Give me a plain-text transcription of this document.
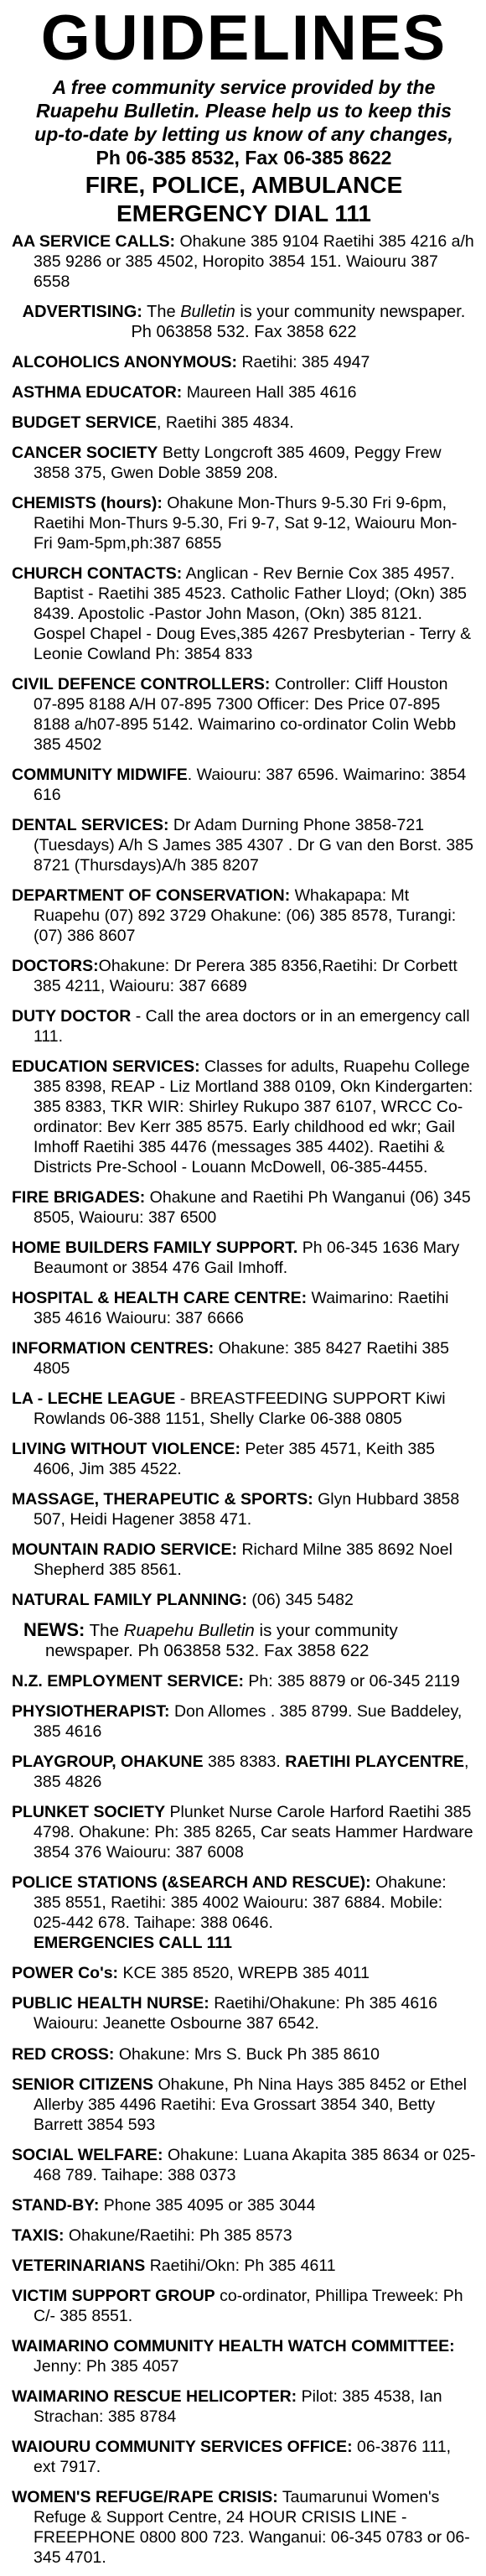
GUIDELINES
A free community service provided by the
Ruapehu Bulletin. Please help us to keep this
up-to-date by letting us know of any changes,
Ph 06-385 8532, Fax 06-385 8622
FIRE, POLICE, AMBULANCE
EMERGENCY DIAL 111

AA SERVICE CALLS: Ohakune 385 9104 Raetihi 385 4216 a/h 385 9286 or 385 4502, Horopito 3854 151. Waiouru 387 6558

ADVERTISING: The Bulletin is your community newspaper. Ph 063858 532. Fax 3858 622

ALCOHOLICS ANONYMOUS: Raetihi: 385 4947

ASTHMA EDUCATOR: Maureen Hall 385 4616

BUDGET SERVICE, Raetihi 385 4834.

CANCER SOCIETY Betty Longcroft 385 4609, Peggy Frew 3858 375, Gwen Doble 3859 208.

CHEMISTS (hours): Ohakune Mon-Thurs 9-5.30 Fri 9-6pm, Raetihi Mon-Thurs 9-5.30, Fri 9-7, Sat 9-12, Waiouru Mon-Fri 9am-5pm,ph:387 6855

CHURCH CONTACTS: Anglican - Rev Bernie Cox 385 4957. Baptist - Raetihi 385 4523. Catholic Father Lloyd; (Okn) 385 8439. Apostolic -Pastor John Mason, (Okn) 385 8121. Gospel Chapel - Doug Eves,385 4267 Presbyterian - Terry & Leonie Cowland Ph: 3854 833

CIVIL DEFENCE CONTROLLERS: Controller: Cliff Houston 07-895 8188 A/H 07-895 7300 Officer: Des Price 07-895 8188 a/h07-895 5142. Waimarino co-ordinator Colin Webb 385 4502

COMMUNITY MIDWIFE. Waiouru: 387 6596. Waimarino: 3854 616

DENTAL SERVICES: Dr Adam Durning Phone 3858-721 (Tuesdays) A/h S James 385 4307 . Dr G van den Borst. 385 8721 (Thursdays)A/h 385 8207

DEPARTMENT OF CONSERVATION: Whakapapa: Mt Ruapehu (07) 892 3729 Ohakune: (06) 385 8578, Turangi: (07) 386 8607

DOCTORS:Ohakune: Dr Perera 385 8356,Raetihi: Dr Corbett 385 4211, Waiouru: 387 6689

DUTY DOCTOR - Call the area doctors or in an emergency call 111.

EDUCATION SERVICES: Classes for adults, Ruapehu College 385 8398, REAP - Liz Mortland 388 0109, Okn Kindergarten: 385 8383, TKR WIR: Shirley Rukupo 387 6107, WRCC Co-ordinator: Bev Kerr 385 8575. Early childhood ed wkr; Gail Imhoff Raetihi 385 4476 (messages 385 4402). Raetihi & Districts Pre-School - Louann McDowell, 06-385-4455.

FIRE BRIGADES: Ohakune and Raetihi Ph Wanganui (06) 345 8505, Waiouru: 387 6500

HOME BUILDERS FAMILY SUPPORT. Ph 06-345 1636 Mary Beaumont or 3854 476 Gail Imhoff.

HOSPITAL & HEALTH CARE CENTRE: Waimarino: Raetihi 385 4616 Waiouru: 387 6666

INFORMATION CENTRES: Ohakune: 385 8427 Raetihi 385 4805

LA - LECHE LEAGUE - BREASTFEEDING SUPPORT Kiwi Rowlands 06-388 1151, Shelly Clarke 06-388 0805

LIVING WITHOUT VIOLENCE: Peter 385 4571, Keith 385 4606, Jim 385 4522.

MASSAGE, THERAPEUTIC & SPORTS: Glyn Hubbard 3858 507, Heidi Hagener 3858 471.

MOUNTAIN RADIO SERVICE: Richard Milne 385 8692 Noel Shepherd 385 8561.

NATURAL FAMILY PLANNING: (06) 345 5482

NEWS: The Ruapehu Bulletin is your community newspaper. Ph 063858 532. Fax 3858 622

N.Z. EMPLOYMENT SERVICE: Ph: 385 8879 or 06-345 2119

PHYSIOTHERAPIST: Don Allomes . 385 8799. Sue Baddeley, 385 4616

PLAYGROUP, OHAKUNE 385 8383. RAETIHI PLAYCENTRE, 385 4826

PLUNKET SOCIETY Plunket Nurse Carole Harford Raetihi 385 4798. Ohakune: Ph: 385 8265, Car seats Hammer Hardware 3854 376 Waiouru: 387 6008

POLICE STATIONS (&SEARCH AND RESCUE): Ohakune: 385 8551, Raetihi: 385 4002 Waiouru: 387 6884. Mobile: 025-442 678. Taihape: 388 0646.
EMERGENCIES CALL 111

POWER Co's: KCE 385 8520, WREPB 385 4011

PUBLIC HEALTH NURSE: Raetihi/Ohakune: Ph 385 4616 Waiouru: Jeanette Osbourne 387 6542.

RED CROSS: Ohakune: Mrs S. Buck Ph 385 8610

SENIOR CITIZENS Ohakune, Ph Nina Hays 385 8452 or Ethel Allerby 385 4496 Raetihi: Eva Grossart 3854 340, Betty Barrett 3854 593

SOCIAL WELFARE: Ohakune: Luana Akapita 385 8634 or 025-468 789. Taihape: 388 0373

STAND-BY: Phone 385 4095 or 385 3044

TAXIS: Ohakune/Raetihi: Ph 385 8573

VETERINARIANS Raetihi/Okn: Ph 385 4611

VICTIM SUPPORT GROUP co-ordinator, Phillipa Treweek: Ph C/- 385 8551.

WAIMARINO COMMUNITY HEALTH WATCH COMMITTEE: Jenny: Ph 385 4057

WAIMARINO RESCUE HELICOPTER: Pilot: 385 4538, Ian Strachan: 385 8784

WAIOURU COMMUNITY SERVICES OFFICE: 06-3876 111, ext 7917.

WOMEN'S REFUGE/RAPE CRISIS: Taumarunui Women's Refuge & Support Centre, 24 HOUR CRISIS LINE - FREEPHONE 0800 800 723. Wanganui: 06-345 0783 or 06-345 4701.
